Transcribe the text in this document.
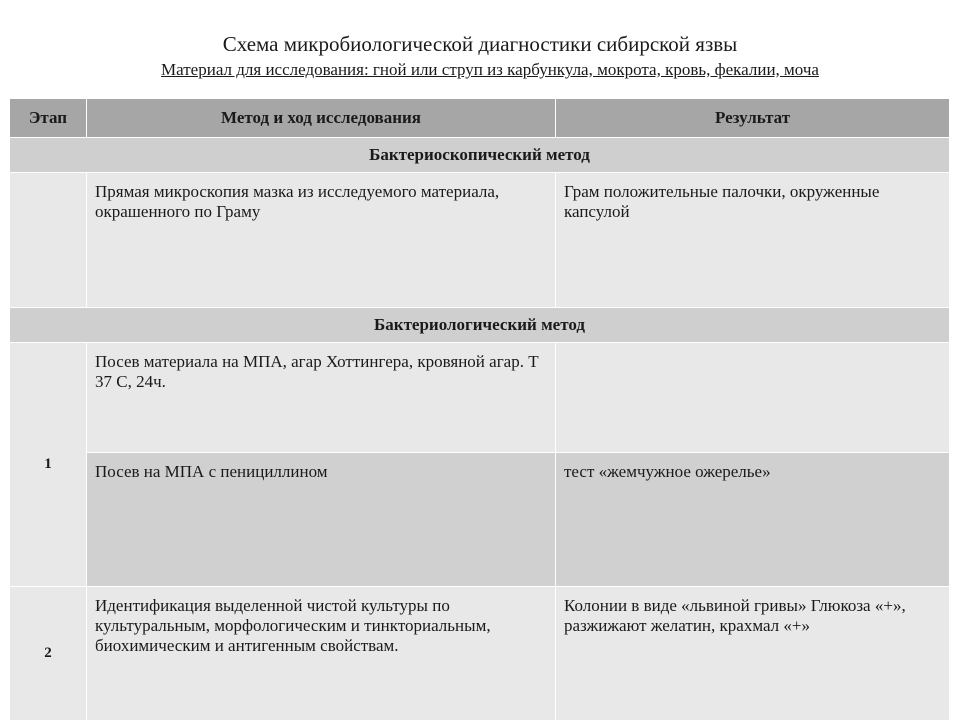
Схема микробиологической диагностики сибирской язвы
Материал для исследования: гной или струп из карбункула, мокрота, кровь, фекалии, моча
Этап	Метод и ход исследования	Результат
Бактериоскопический метод		

	Прямая микроскопия мазка из исследуемого материала, окрашенного по Граму	Грам положительные палочки, окруженные капсулой

Бактериологический метод		
1	Посев материала на МПА, агар Хоттингера, кровяной агар. Т 37 С, 24ч.	

	Посев на МПА с пенициллином	тест «жемчужное ожерелье»

2	Идентификация выделенной чистой культуры по культуральным, морфологическим и тинкториальным, биохимическим и антигенным свойствам.	Колонии в виде «львиной гривы» Глюкоза «+», разжижают желатин, крахмал «+»
